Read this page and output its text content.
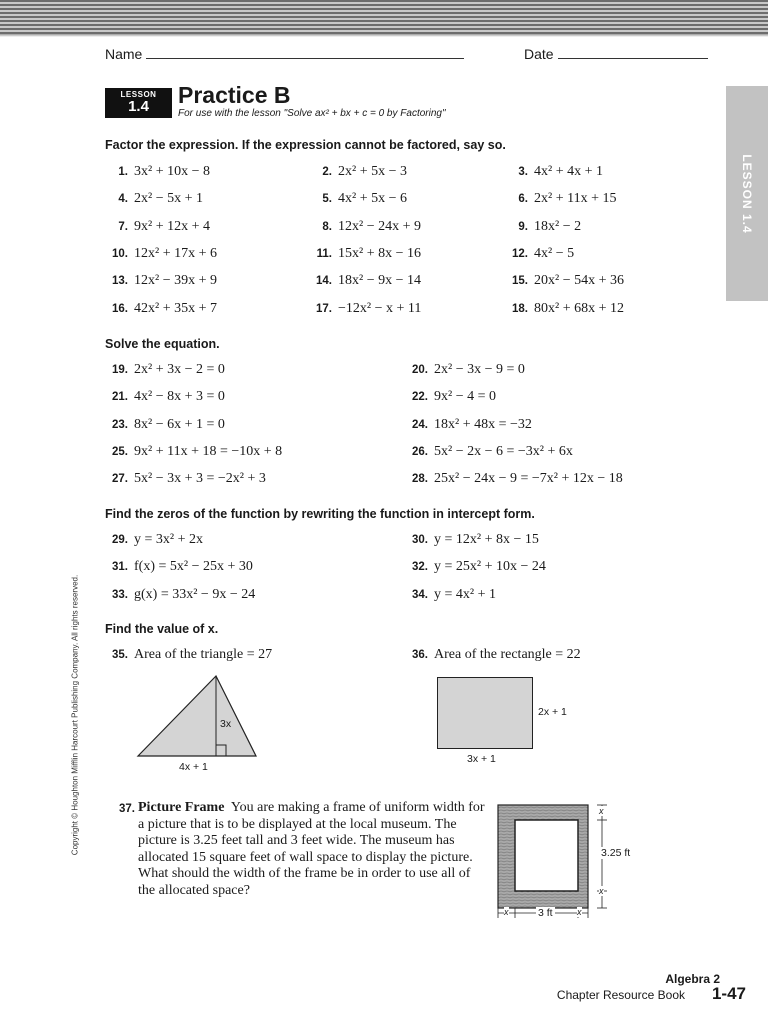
Name	Date
LESSON
1.4	Practice B
For use with the lesson "Solve ax² + bx + c = 0 by Factoring"
LESSON 1.4
Copyright © Houghton Mifflin Harcourt Publishing Company. All rights reserved.
Factor the expression. If the expression cannot be factored, say so.
1. 3x² + 10x − 8	2. 2x² + 5x − 3	3. 4x² + 4x + 1
4. 2x² − 5x + 1	5. 4x² + 5x − 6	6. 2x² + 11x + 15
7. 9x² + 12x + 4	8. 12x² − 24x + 9	9. 18x² − 2
10. 12x² + 17x + 6	11. 15x² + 8x − 16	12. 4x² − 5
13. 12x² − 39x + 9	14. 18x² − 9x − 14	15. 20x² − 54x + 36
16. 42x² + 35x + 7	17. −12x² − x + 11	18. 80x² + 68x + 12
Solve the equation.
19. 2x² + 3x − 2 = 0	20. 2x² − 3x − 9 = 0
21. 4x² − 8x + 3 = 0	22. 9x² − 4 = 0
23. 8x² − 6x + 1 = 0	24. 18x² + 48x = −32
25. 9x² + 11x + 18 = −10x + 8	26. 5x² − 2x − 6 = −3x² + 6x
27. 5x² − 3x + 3 = −2x² + 3	28. 25x² − 24x − 9 = −7x² + 12x − 18
Find the zeros of the function by rewriting the function in intercept form.
29. y = 3x² + 2x	30. y = 12x² + 8x − 15
31. f(x) = 5x² − 25x + 30	32. y = 25x² + 10x − 24
33. g(x) = 33x² − 9x − 24	34. y = 4x² + 1
Find the value of x.
35. Area of the triangle = 27	36. Area of the rectangle = 22
3x
4x + 1
2x + 1
3x + 1
37. Picture Frame You are making a frame of uniform width for a picture that is to be displayed at the local museum. The picture is 3.25 feet tall and 3 feet wide. The museum has allocated 15 square feet of wall space to display the picture. What should the width of the frame be in order to use all of the allocated space?
3.25 ft
3 ft
x
x
x	x
Algebra 2
Chapter Resource Book 1-47
